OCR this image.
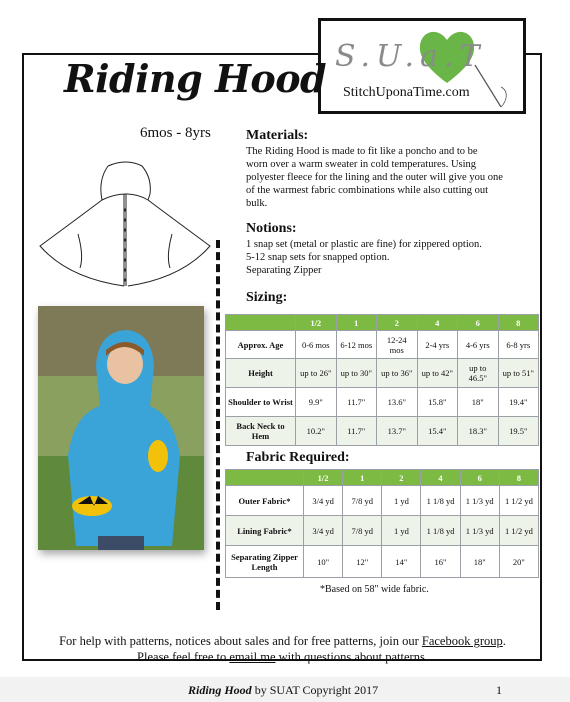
S.U.a.T
StitchUponaTime.com
Riding Hood
6mos - 8yrs	Materials:
The Riding Hood is made to fit like a poncho and to be
worn over a warm sweater in cold temperatures. Using
polyester fleece for the lining and the outer will give you one
of the warmest fabric combinations while also cutting out
bulk.
Notions:
1 snap set (metal or plastic are fine) for zippered option.
5-12 snap sets for snapped option.
Separating Zipper
Sizing:
	1/2	1	2	4	6	8
Approx. Age	0-6 mos	6-12 mos	12-24 mos	2-4 yrs	4-6 yrs	6-8 yrs
Height	up to 26"	up to 30"	up to 36"	up to 42"	up to 46.5"	up to 51"
Shoulder to Wrist	9.9"	11.7"	13.6"	15.8"	18"	19.4"
Back Neck to Hem	10.2"	11.7"	13.7"	15.4"	18.3"	19.5"
Fabric Required:
	1/2	1	2	4	6	8
Outer Fabric*	3/4 yd	7/8 yd	1 yd	1 1/8 yd	1 1/3 yd	1 1/2 yd
Lining Fabric*	3/4 yd	7/8 yd	1 yd	1 1/8 yd	1 1/3 yd	1 1/2 yd
Separating Zipper Length	10"	12"	14"	16"	18"	20"
*Based on 58" wide fabric.
For help with patterns, notices about sales and for free patterns, join our Facebook group.
Please feel free to email me with questions about patterns.
Riding Hood by SUAT Copyright 2017	1
